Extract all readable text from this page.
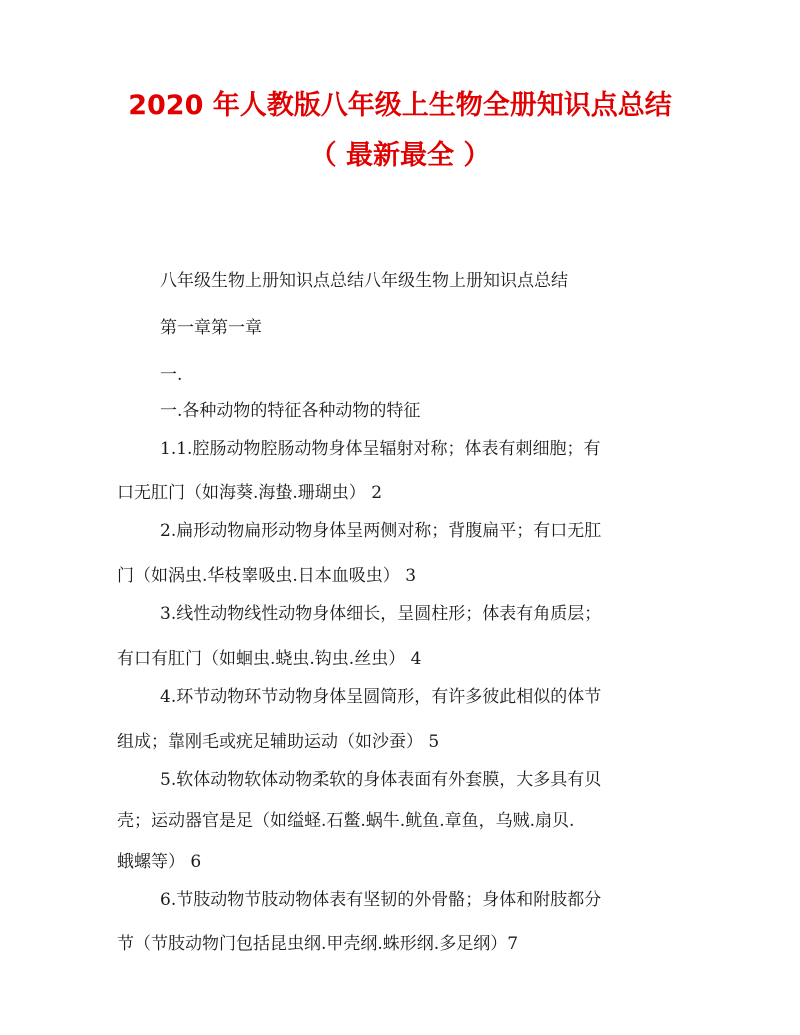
2020 年人教版八年级上生物全册知识点总结
（ 最新最全 ）

八年级生物上册知识点总结八年级生物上册知识点总结

第一章第一章

一.

一.各种动物的特征各种动物的特征

1.1.腔肠动物腔肠动物身体呈辐射对称；体表有刺细胞；有

口无肛门（如海葵.海蛰.珊瑚虫） 2

2.扁形动物扁形动物身体呈两侧对称；背腹扁平；有口无肛

门（如涡虫.华枝睾吸虫.日本血吸虫） 3

3.线性动物线性动物身体细长，呈圆柱形；体表有角质层；

有口有肛门（如蛔虫.蛲虫.钩虫.丝虫） 4

4.环节动物环节动物身体呈圆筒形，有许多彼此相似的体节

组成；靠刚毛或疣足辅助运动（如沙蚕） 5

5.软体动物软体动物柔软的身体表面有外套膜，大多具有贝

壳；运动器官是足（如缢蛏.石鳖.蜗牛.鱿鱼.章鱼，乌贼.扇贝.

蛾螺等） 6

6.节肢动物节肢动物体表有坚韧的外骨骼；身体和附肢都分

节（节肢动物门包括昆虫纲.甲壳纲.蛛形纲.多足纲）7
